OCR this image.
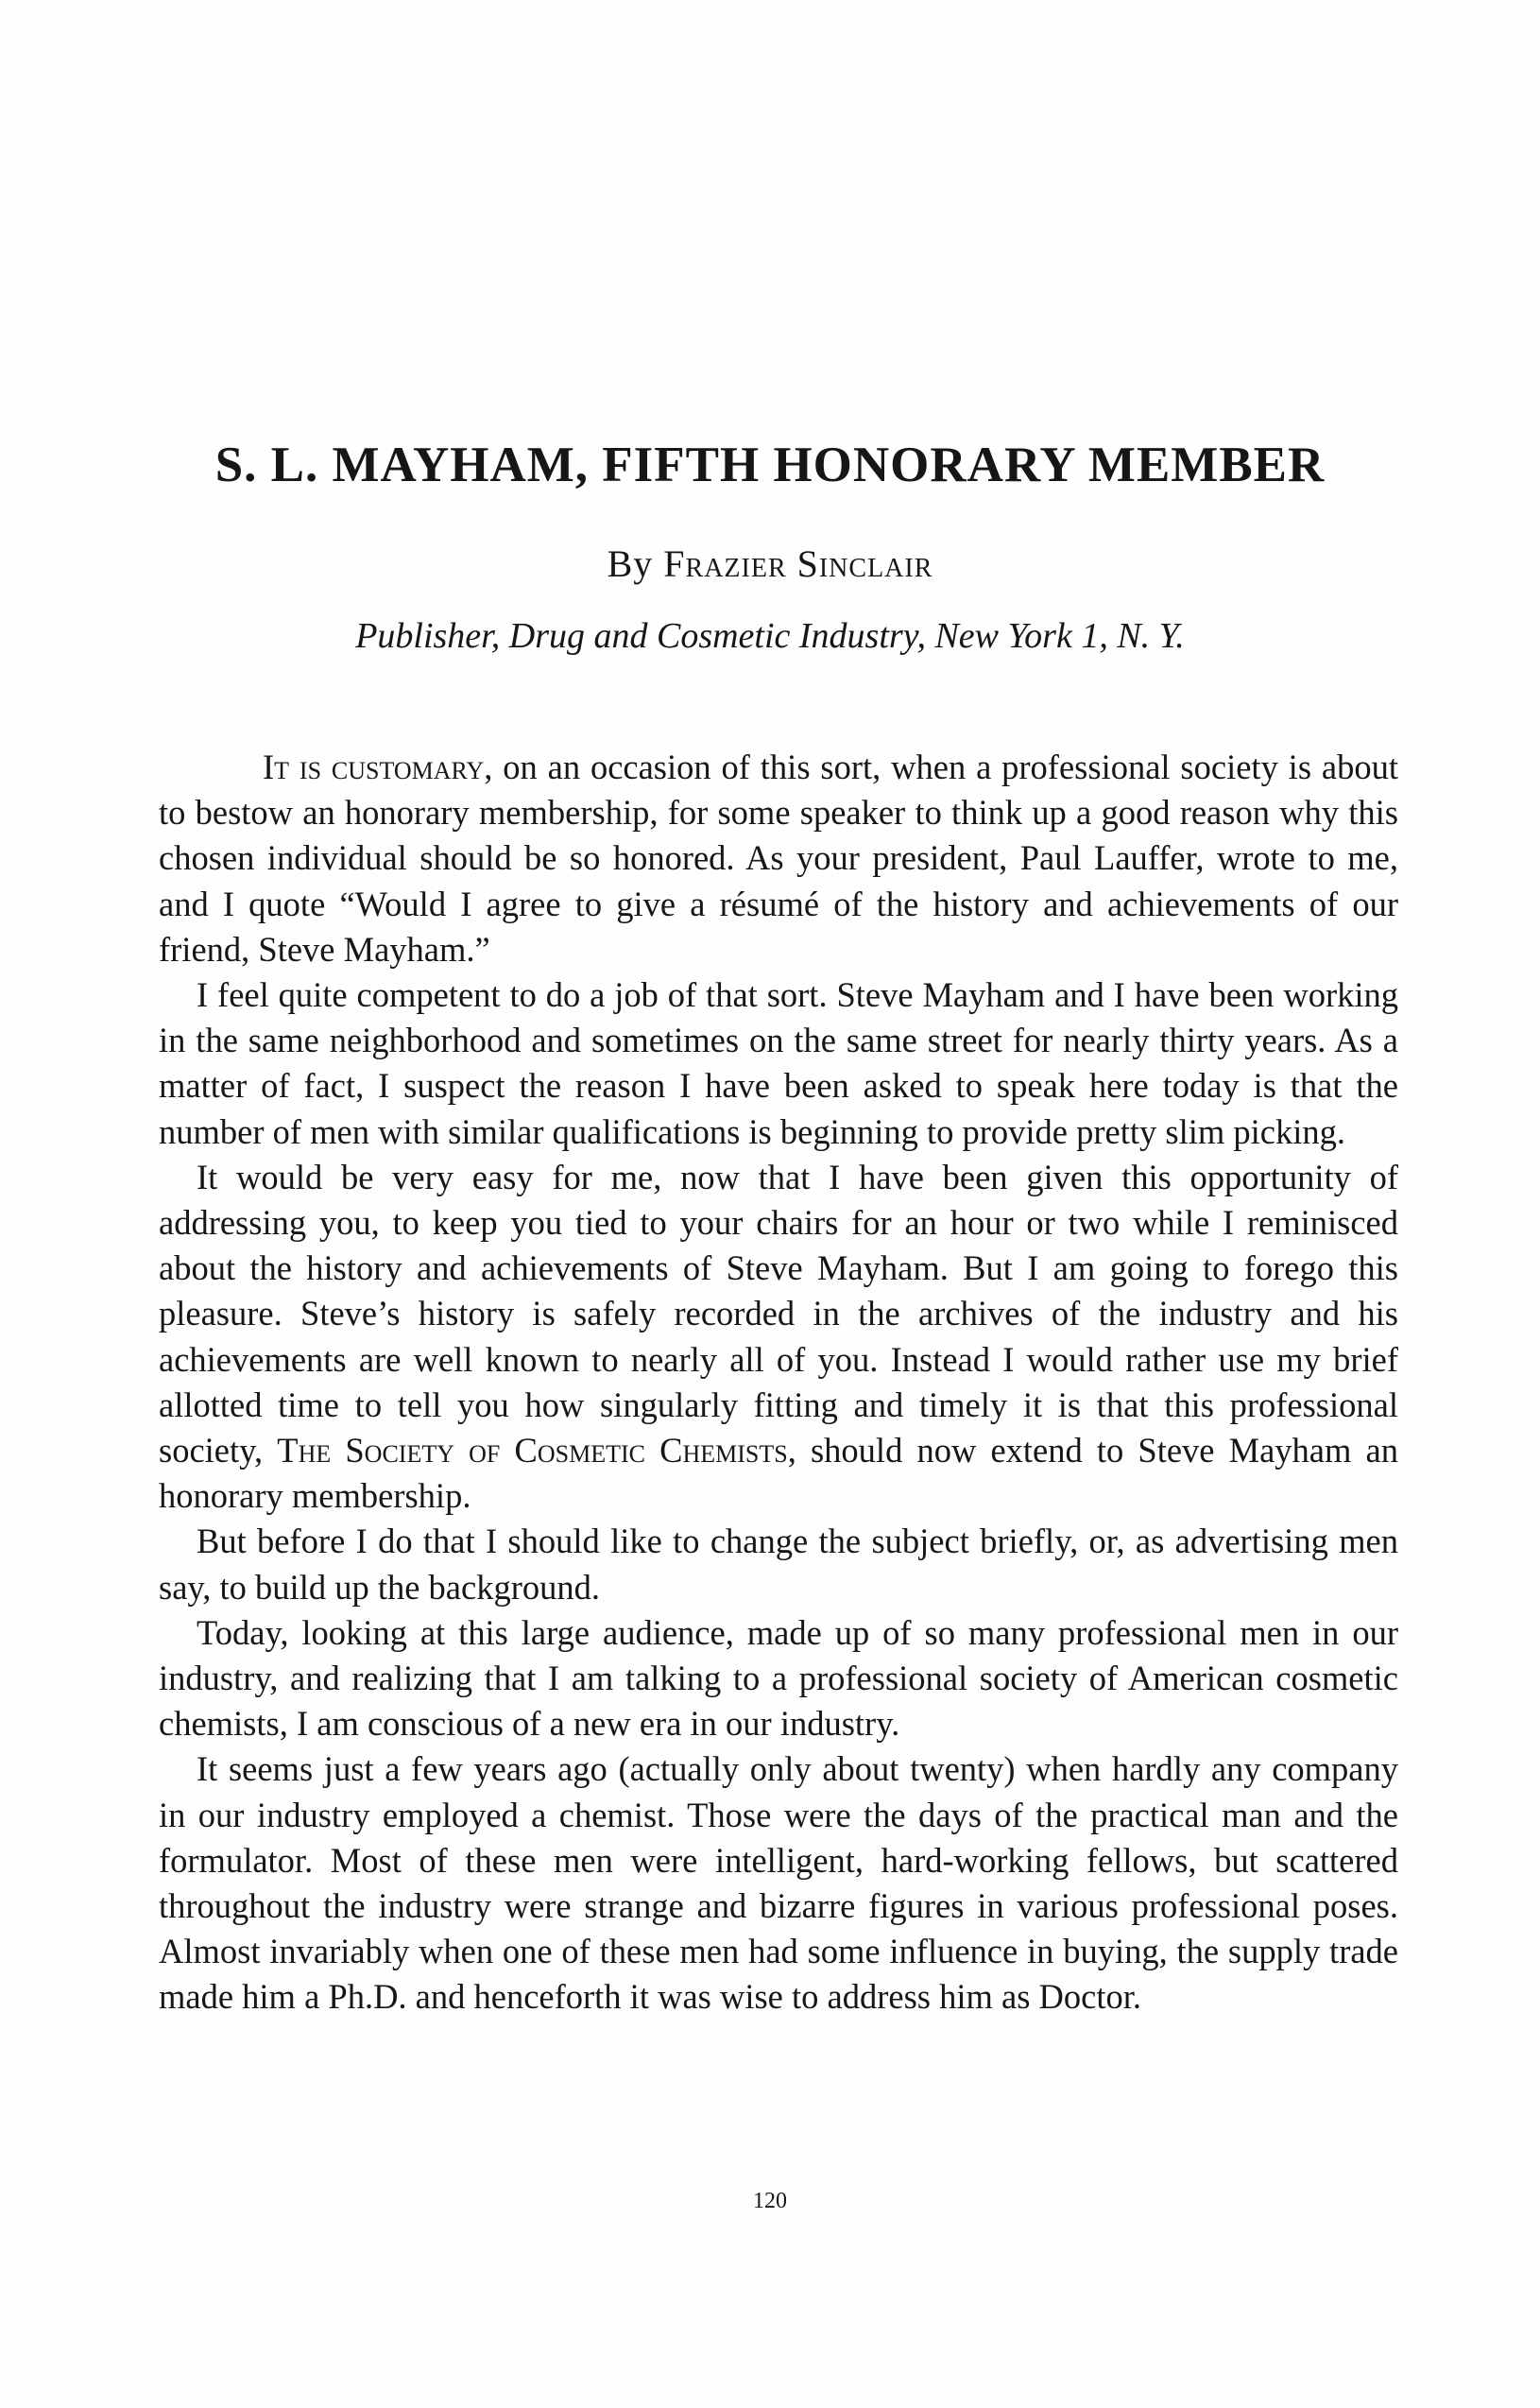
S. L. MAYHAM, FIFTH HONORARY MEMBER

By Frazier Sinclair

Publisher, Drug and Cosmetic Industry, New York 1, N. Y.

It is customary, on an occasion of this sort, when a professional society is about to bestow an honorary membership, for some speaker to think up a good reason why this chosen individual should be so honored. As your president, Paul Lauffer, wrote to me, and I quote “Would I agree to give a résumé of the history and achievements of our friend, Steve Mayham.”

I feel quite competent to do a job of that sort. Steve Mayham and I have been working in the same neighborhood and sometimes on the same street for nearly thirty years. As a matter of fact, I suspect the reason I have been asked to speak here today is that the number of men with similar qualifications is beginning to provide pretty slim picking.

It would be very easy for me, now that I have been given this opportunity of addressing you, to keep you tied to your chairs for an hour or two while I reminisced about the history and achievements of Steve Mayham. But I am going to forego this pleasure. Steve’s history is safely recorded in the archives of the industry and his achievements are well known to nearly all of you. Instead I would rather use my brief allotted time to tell you how singularly fitting and timely it is that this professional society, The Society of Cosmetic Chemists, should now extend to Steve Mayham an honorary membership.

But before I do that I should like to change the subject briefly, or, as advertising men say, to build up the background.

Today, looking at this large audience, made up of so many professional men in our industry, and realizing that I am talking to a professional society of American cosmetic chemists, I am conscious of a new era in our industry.

It seems just a few years ago (actually only about twenty) when hardly any company in our industry employed a chemist. Those were the days of the practical man and the formulator. Most of these men were intelligent, hard-working fellows, but scattered throughout the industry were strange and bizarre figures in various professional poses. Almost invariably when one of these men had some influence in buying, the supply trade made him a Ph.D. and henceforth it was wise to address him as Doctor.

120
